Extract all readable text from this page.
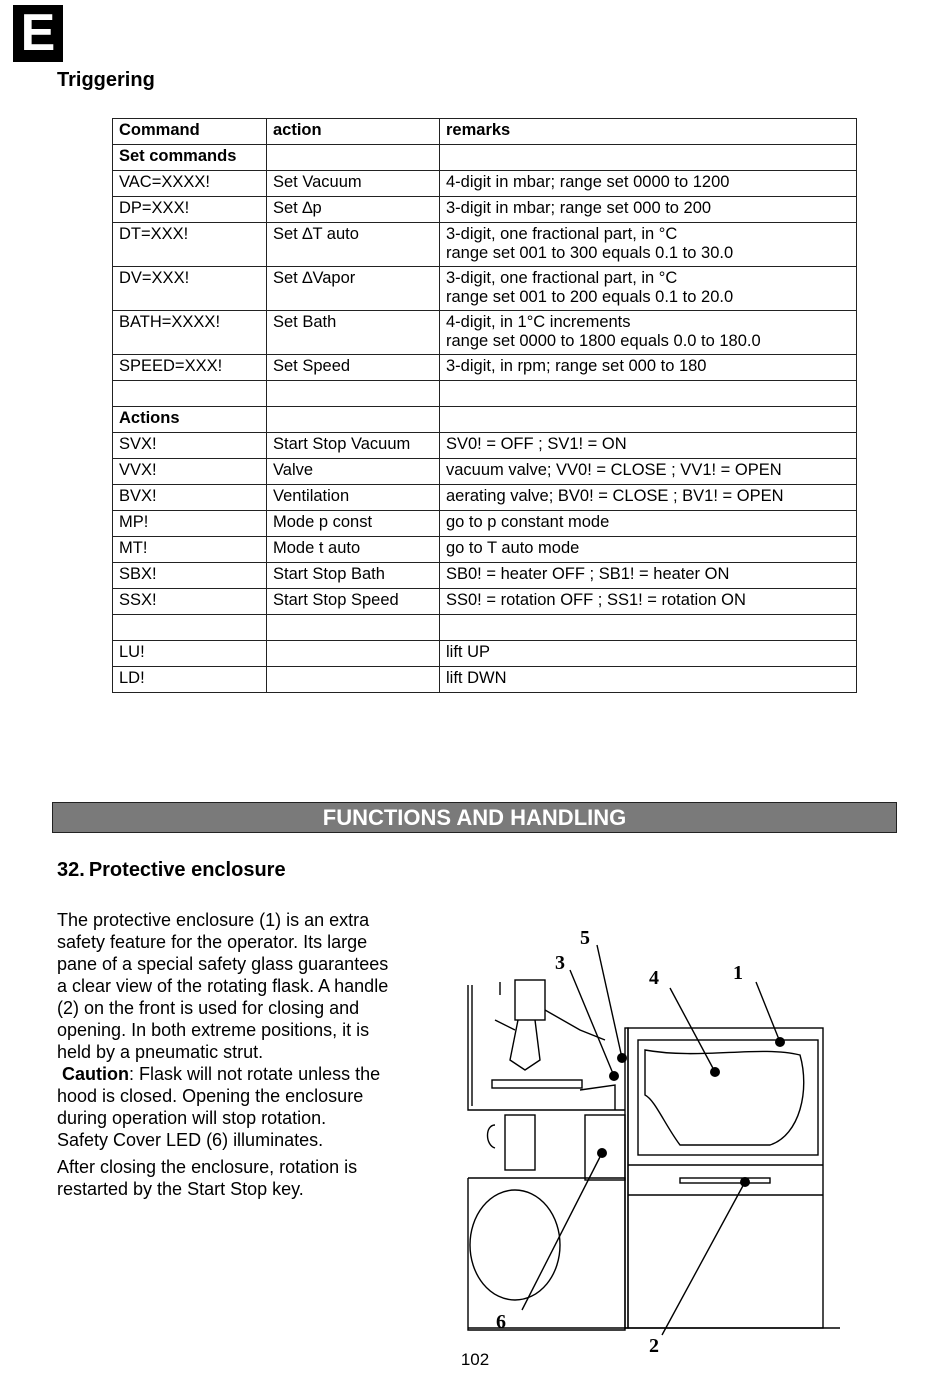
E
Triggering
Command	action	remarks
Set commands		
VAC=XXXX!	Set Vacuum	4-digit in mbar; range set 0000 to 1200
DP=XXX!	Set ∆p	3-digit in mbar; range set 000 to 200
DT=XXX!	Set ∆T auto	3-digit, one fractional part, in °C
range set 001 to 300 equals 0.1 to 30.0

DV=XXX!	Set ∆Vapor	3-digit, one fractional part, in °C
range set 001 to 200 equals 0.1 to 20.0

BATH=XXXX!	Set Bath	4-digit, in 1°C increments
range set 0000 to 1800 equals 0.0 to 180.0

SPEED=XXX!	Set Speed	3-digit, in rpm; range set 000 to 180

Actions		
SVX!	Start Stop Vacuum	SV0! = OFF ; SV1! = ON
VVX!	Valve	vacuum valve; VV0! = CLOSE ; VV1! = OPEN
BVX!	Ventilation	aerating valve; BV0! = CLOSE ; BV1! = OPEN
MP!	Mode p const	go to p constant mode
MT!	Mode t auto	go to T auto mode
SBX!	Start Stop Bath	SB0! = heater OFF ; SB1! = heater ON
SSX!	Start Stop Speed	SS0! = rotation OFF ; SS1! = rotation ON

LU!		lift UP
LD!		lift DWN
FUNCTIONS AND HANDLING
32. Protective enclosure

The protective enclosure (1) is an extra safety feature for the operator. Its large pane of a special safety glass guarantees a clear view of the rotating flask. A handle (2) on the front is used for closing and opening. In both extreme positions, it is held by a pneumatic strut.

Caution: Flask will not rotate unless the hood is closed. Opening the enclosure during operation will stop rotation.

Safety Cover LED (6) illuminates.

After closing the enclosure, rotation is restarted by the Start Stop key.

1
2
3
4
5
6
102
